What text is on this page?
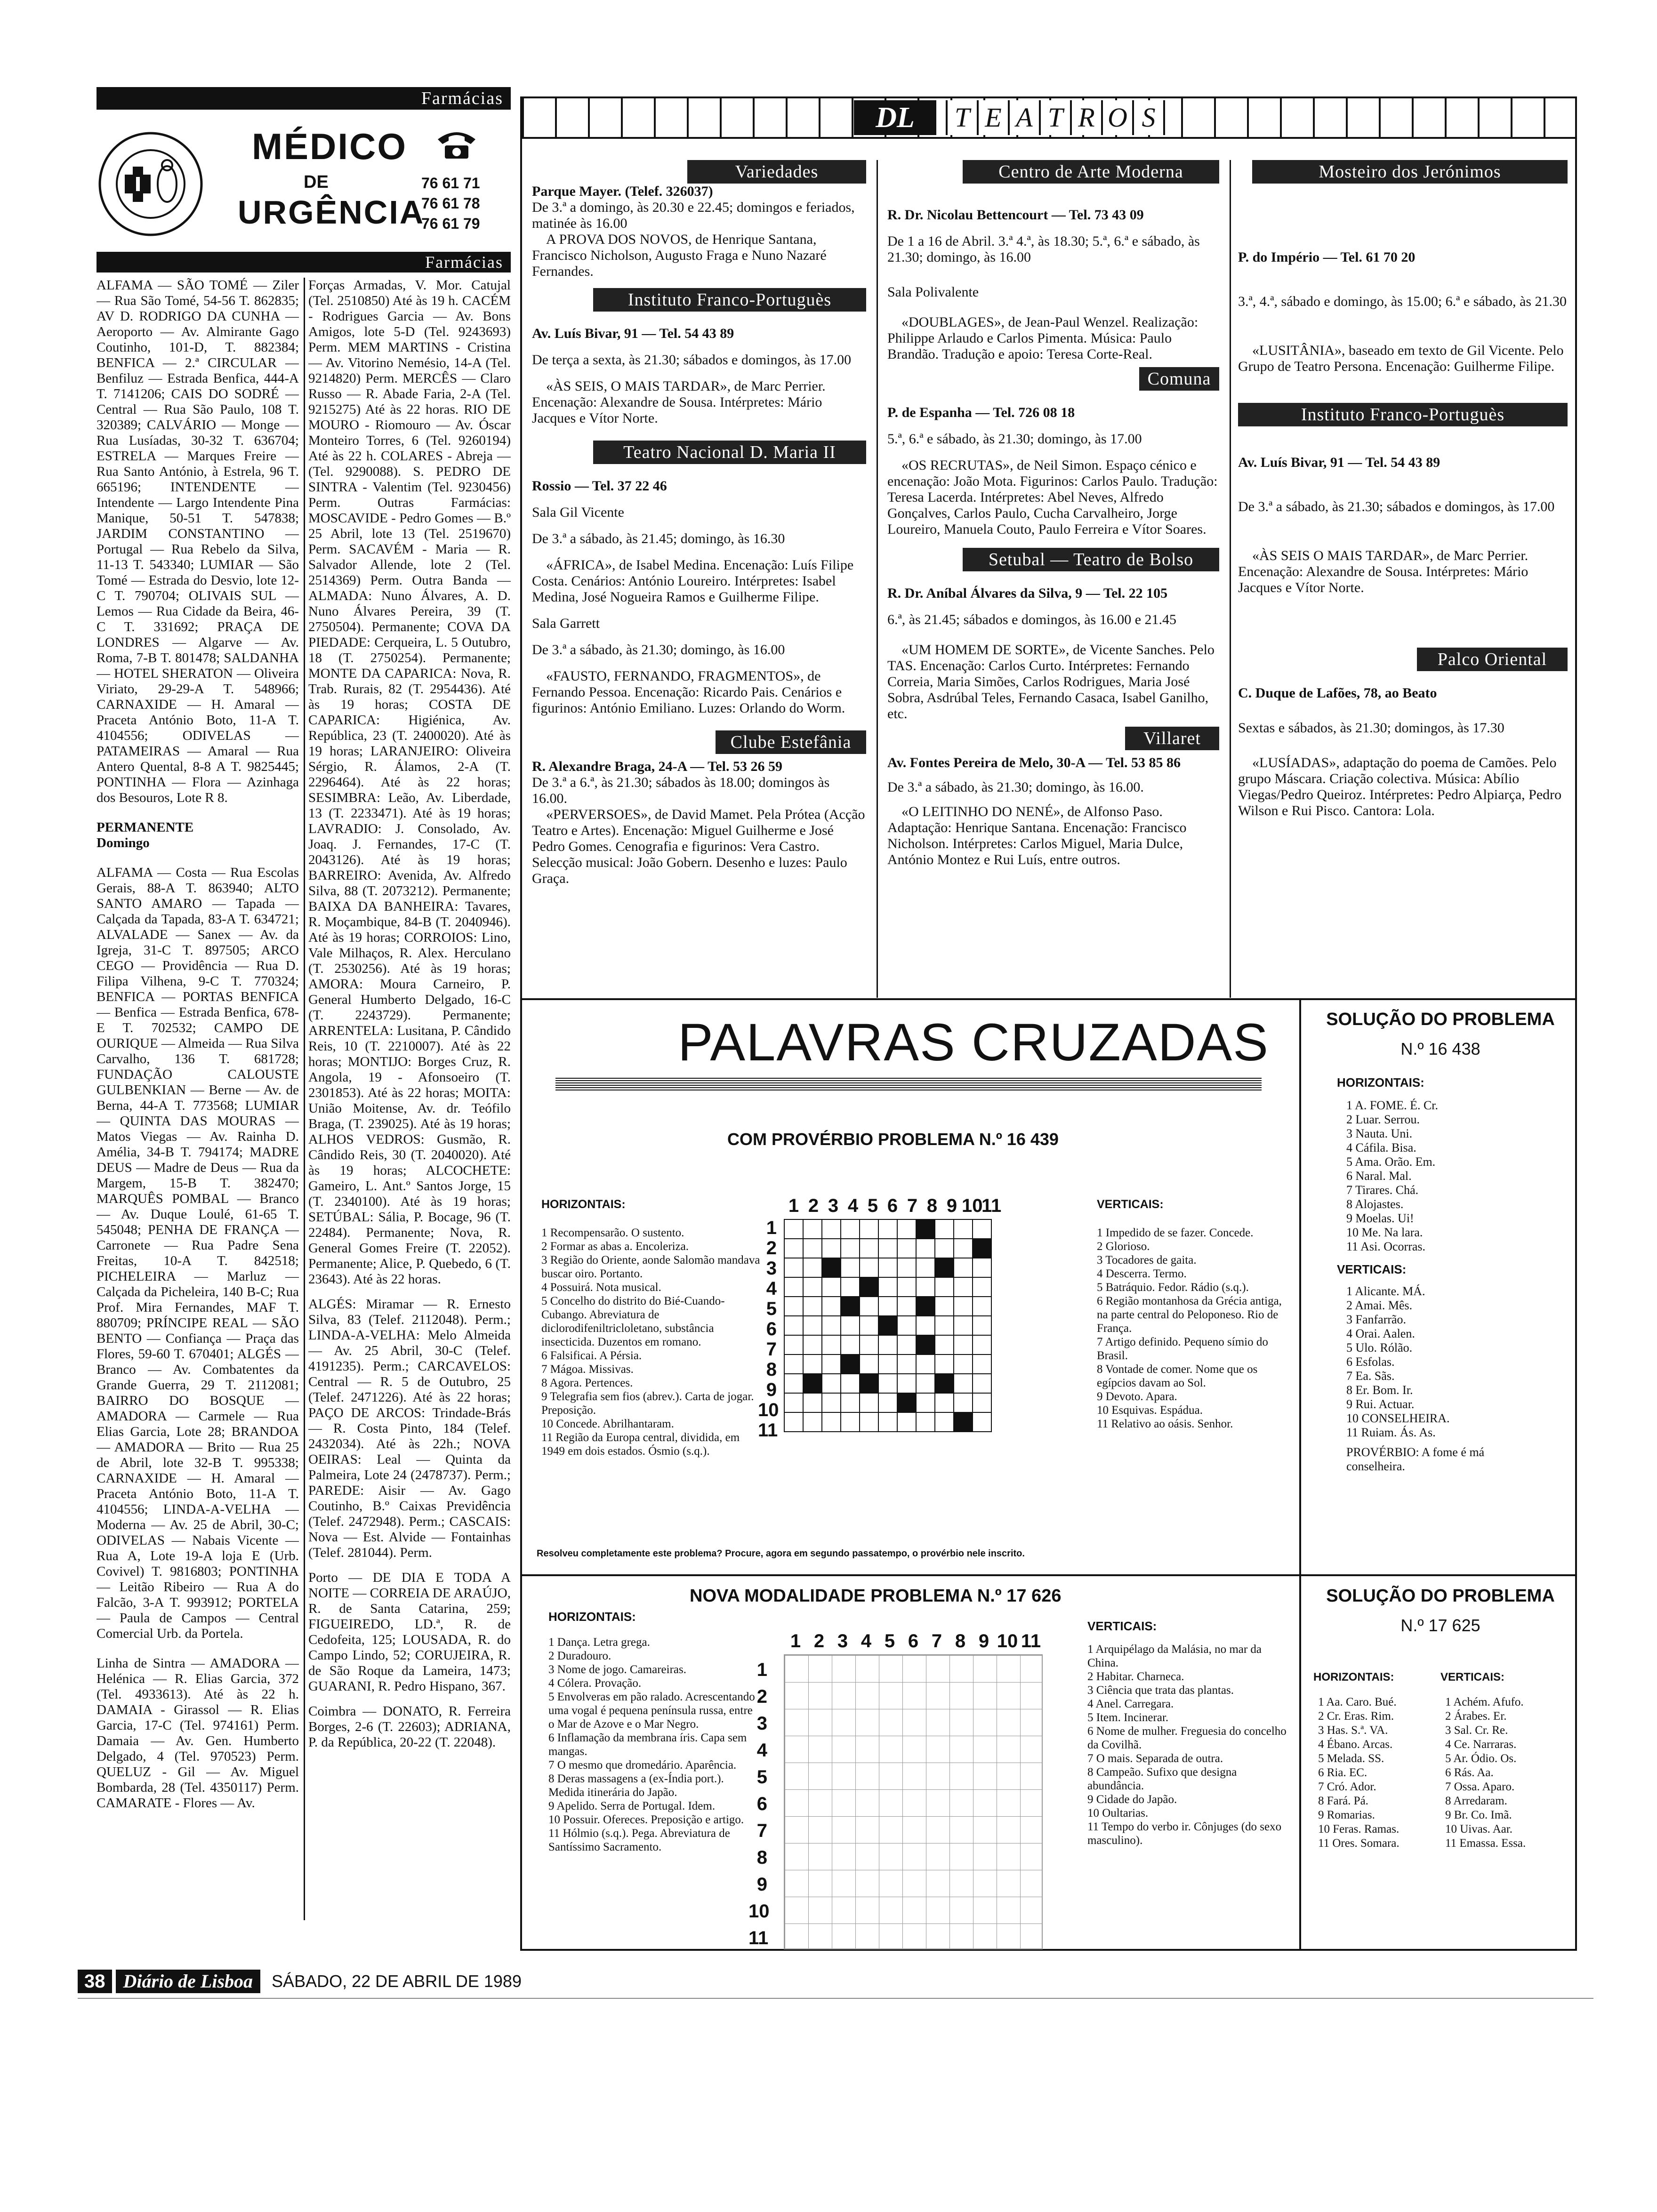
Farmácias
MÉDICO
DE
URGÊNCIA
76 61 71
76 61 78
76 61 79
Farmácias
ALFAMA — SÃO TOMÉ — Ziler — Rua São Tomé, 54-56 T. 862835; AV D. RODRIGO DA CUNHA — Aeroporto — Av. Almirante Gago Coutinho, 101-D, T. 882384; BENFICA — 2.ª CIRCULAR — Benfiluz — Estrada Benfica, 444-A T. 7141206; CAIS DO SODRÉ — Central — Rua São Paulo, 108 T. 320389; CALVÁRIO — Monge — Rua Lusíadas, 30-32 T. 636704; ESTRELA — Marques Freire — Rua Santo António, à Estrela, 96 T. 665196; INTENDENTE — Intendente — Largo Intendente Pina Manique, 50-51 T. 547838; JARDIM CONSTANTINO — Portugal — Rua Rebelo da Silva, 11-13 T. 543340; LUMIAR — São Tomé — Estrada do Desvio, lote 12-C T. 790704; OLIVAIS SUL — Lemos — Rua Cidade da Beira, 46-C T. 331692; PRAÇA DE LONDRES — Algarve — Av. Roma, 7-B T. 801478; SALDANHA — HOTEL SHERATON — Oliveira Viriato, 29-29-A T. 548966; CARNAXIDE — H. Amaral — Praceta António Boto, 11-A T. 4104556; ODIVELAS — PATAMEIRAS — Amaral — Rua Antero Quental, 8-8 A T. 9825445; PONTINHA — Flora — Azinhaga dos Besouros, Lote R 8.
PERMANENTE
Domingo
ALFAMA — Costa — Rua Escolas Gerais, 88-A T. 863940; ALTO SANTO AMARO — Tapada — Calçada da Tapada, 83-A T. 634721; ALVALADE — Sanex — Av. da Igreja, 31-C T. 897505; ARCO CEGO — Providência — Rua D. Filipa Vilhena, 9-C T. 770324; BENFICA — PORTAS BENFICA — Benfica — Estrada Benfica, 678-E T. 702532; CAMPO DE OURIQUE — Almeida — Rua Silva Carvalho, 136 T. 681728; FUNDAÇÃO CALOUSTE GULBENKIAN — Berne — Av. de Berna, 44-A T. 773568; LUMIAR — QUINTA DAS MOURAS — Matos Viegas — Av. Rainha D. Amélia, 34-B T. 794174; MADRE DEUS — Madre de Deus — Rua da Margem, 15-B T. 382470; MARQUÊS POMBAL — Branco — Av. Duque Loulé, 61-65 T. 545048; PENHA DE FRANÇA — Carronete — Rua Padre Sena Freitas, 10-A T. 842518; PICHELEIRA — Marluz — Calçada da Picheleira, 140 B-C; Rua Prof. Mira Fernandes, MAF T. 880709; PRÍNCIPE REAL — SÃO BENTO — Confiança — Praça das Flores, 59-60 T. 670401; ALGÉS — Branco — Av. Combatentes da Grande Guerra, 29 T. 2112081; BAIRRO DO BOSQUE — AMADORA — Carmele — Rua Elias Garcia, Lote 28; BRANDOA — AMADORA — Brito — Rua 25 de Abril, lote 32-B T. 995338; CARNAXIDE — H. Amaral — Praceta António Boto, 11-A T. 4104556; LINDA-A-VELHA — Moderna — Av. 25 de Abril, 30-C; ODIVELAS — Nabais Vicente — Rua A, Lote 19-A loja E (Urb. Covivel) T. 9816803; PONTINHA — Leitão Ribeiro — Rua A do Falcão, 3-A T. 993912; PORTELA — Paula de Campos — Central Comercial Urb. da Portela.
Linha de Sintra — AMADORA — Helénica — R. Elias Garcia, 372 (Tel. 4933613). Até às 22 h. DAMAIA - Girassol — R. Elias Garcia, 17-C (Tel. 974161) Perm. Damaia — Av. Gen. Humberto Delgado, 4 (Tel. 970523) Perm. QUELUZ - Gil — Av. Miguel Bombarda, 28 (Tel. 4350117) Perm. CAMARATE - Flores — Av.
Forças Armadas, V. Mor. Catujal (Tel. 2510850) Até às 19 h. CACÉM - Rodrigues Garcia — Av. Bons Amigos, lote 5-D (Tel. 9243693) Perm. MEM MARTINS - Cristina — Av. Vitorino Nemésio, 14-A (Tel. 9214820) Perm. MERCÊS — Claro Russo — R. Abade Faria, 2-A (Tel. 9215275) Até às 22 horas. RIO DE MOURO - Riomouro — Av. Óscar Monteiro Torres, 6 (Tel. 9260194) Até às 22 h. COLARES - Abreja — (Tel. 9290088). S. PEDRO DE SINTRA - Valentim (Tel. 9230456) Perm. Outras Farmácias: MOSCAVIDE - Pedro Gomes — B.º 25 Abril, lote 13 (Tel. 2519670) Perm. SACAVÉM - Maria — R. Salvador Allende, lote 2 (Tel. 2514369) Perm. Outra Banda — ALMADA: Nuno Álvares, A. D. Nuno Álvares Pereira, 39 (T. 2750504). Permanente; COVA DA PIEDADE: Cerqueira, L. 5 Outubro, 18 (T. 2750254). Permanente; MONTE DA CAPARICA: Nova, R. Trab. Rurais, 82 (T. 2954436). Até às 19 horas; COSTA DE CAPARICA: Higiénica, Av. República, 23 (T. 2400020). Até às 19 horas; LARANJEIRO: Oliveira Sérgio, R. Álamos, 2-A (T. 2296464). Até às 22 horas; SESIMBRA: Leão, Av. Liberdade, 13 (T. 2233471). Até às 19 horas; LAVRADIO: J. Consolado, Av. Joaq. J. Fernandes, 17-C (T. 2043126). Até às 19 horas; BARREIRO: Avenida, Av. Alfredo Silva, 88 (T. 2073212). Permanente; BAIXA DA BANHEIRA: Tavares, R. Moçambique, 84-B (T. 2040946). Até às 19 horas; CORROIOS: Lino, Vale Milhaços, R. Alex. Herculano (T. 2530256). Até às 19 horas; AMORA: Moura Carneiro, P. General Humberto Delgado, 16-C (T. 2243729). Permanente; ARRENTELA: Lusitana, P. Cândido Reis, 10 (T. 2210007). Até às 22 horas; MONTIJO: Borges Cruz, R. Angola, 19 - Afonsoeiro (T. 2301853). Até às 22 horas; MOITA: União Moitense, Av. dr. Teófilo Braga, (T. 239025). Até às 19 horas; ALHOS VEDROS: Gusmão, R. Cândido Reis, 30 (T. 2040020). Até às 19 horas; ALCOCHETE: Gameiro, L. Ant.º Santos Jorge, 15 (T. 2340100). Até às 19 horas; SETÚBAL: Sália, P. Bocage, 96 (T. 22484). Permanente; Nova, R. General Gomes Freire (T. 22052). Permanente; Alice, P. Quebedo, 6 (T. 23643). Até às 22 horas.
ALGÉS: Miramar — R. Ernesto Silva, 83 (Telef. 2112048). Perm.; LINDA-A-VELHA: Melo Almeida — Av. 25 Abril, 30-C (Telef. 4191235). Perm.; CARCAVELOS: Central — R. 5 de Outubro, 25 (Telef. 2471226). Até às 22 horas; PAÇO DE ARCOS: Trindade-Brás — R. Costa Pinto, 184 (Telef. 2432034). Até às 22h.; NOVA OEIRAS: Leal — Quinta da Palmeira, Lote 24 (2478737). Perm.; PAREDE: Aisir — Av. Gago Coutinho, B.º Caixas Previdência (Telef. 2472948). Perm.; CASCAIS: Nova — Est. Alvide — Fontainhas (Telef. 281044). Perm.
Porto — DE DIA E TODA A NOITE — CORREIA DE ARAÚJO, R. de Santa Catarina, 259; FIGUEIREDO, LD.ª, R. de Cedofeita, 125; LOUSADA, R. do Campo Lindo, 52; CORUJEIRA, R. de São Roque da Lameira, 1473; GUARANI, R. Pedro Hispano, 367.
Coimbra — DONATO, R. Ferreira Borges, 2-6 (T. 22603); ADRIANA, P. da República, 20-22 (T. 22048).
DL	T E A T R O S
Variedades
Parque Mayer. (Telef. 326037)
De 3.ª a domingo, às 20.30 e 22.45; domingos e feriados, matinée às 16.00
A PROVA DOS NOVOS, de Henrique Santana, Francisco Nicholson, Augusto Fraga e Nuno Nazaré Fernandes.
Instituto Franco-Portuguès
Av. Luís Bivar, 91 — Tel. 54 43 89
De terça a sexta, às 21.30; sábados e domingos, às 17.00
«ÀS SEIS, O MAIS TARDAR», de Marc Perrier. Encenação: Alexandre de Sousa. Intérpretes: Mário Jacques e Vítor Norte.
Teatro Nacional D. Maria II
Rossio — Tel. 37 22 46
Sala Gil Vicente
De 3.ª a sábado, às 21.45; domingo, às 16.30
«ÁFRICA», de Isabel Medina. Encenação: Luís Filipe Costa. Cenários: António Loureiro. Intérpretes: Isabel Medina, José Nogueira Ramos e Guilherme Filipe.
Sala Garrett
De 3.ª a sábado, às 21.30; domingo, às 16.00
«FAUSTO, FERNANDO, FRAGMENTOS», de Fernando Pessoa. Encenação: Ricardo Pais. Cenários e figurinos: António Emiliano. Luzes: Orlando do Worm.
Clube Estefânia
R. Alexandre Braga, 24-A — Tel. 53 26 59
De 3.ª a 6.ª, às 21.30; sábados às 18.00; domingos às 16.00.
«PERVERSOES», de David Mamet. Pela Prótea (Acção Teatro e Artes). Encenação: Miguel Guilherme e José Pedro Gomes. Cenografia e figurinos: Vera Castro. Selecção musical: João Gobern. Desenho e luzes: Paulo Graça.
Centro de Arte Moderna
R. Dr. Nicolau Bettencourt — Tel. 73 43 09
De 1 a 16 de Abril. 3.ª 4.ª, às 18.30; 5.ª, 6.ª e sábado, às 21.30; domingo, às 16.00
Sala Polivalente
«DOUBLAGES», de Jean-Paul Wenzel. Realização: Philippe Arlaudo e Carlos Pimenta. Música: Paulo Brandão. Tradução e apoio: Teresa Corte-Real.
Comuna
P. de Espanha — Tel. 726 08 18
5.ª, 6.ª e sábado, às 21.30; domingo, às 17.00
«OS RECRUTAS», de Neil Simon. Espaço cénico e encenação: João Mota. Figurinos: Carlos Paulo. Tradução: Teresa Lacerda. Intérpretes: Abel Neves, Alfredo Gonçalves, Carlos Paulo, Cucha Carvalheiro, Jorge Loureiro, Manuela Couto, Paulo Ferreira e Vítor Soares.
Setubal — Teatro de Bolso
R. Dr. Aníbal Álvares da Silva, 9 — Tel. 22 105
6.ª, às 21.45; sábados e domingos, às 16.00 e 21.45
«UM HOMEM DE SORTE», de Vicente Sanches. Pelo TAS. Encenação: Carlos Curto. Intérpretes: Fernando Correia, Maria Simões, Carlos Rodrigues, Maria José Sobra, Asdrúbal Teles, Fernando Casaca, Isabel Ganilho, etc.
Villaret
Av. Fontes Pereira de Melo, 30-A — Tel. 53 85 86
De 3.ª a sábado, às 21.30; domingo, às 16.00.
«O LEITINHO DO NENÉ», de Alfonso Paso. Adaptação: Henrique Santana. Encenação: Francisco Nicholson. Intérpretes: Carlos Miguel, Maria Dulce, António Montez e Rui Luís, entre outros.
Mosteiro dos Jerónimos
P. do Império — Tel. 61 70 20
3.ª, 4.ª, sábado e domingo, às 15.00; 6.ª e sábado, às 21.30
«LUSITÂNIA», baseado em texto de Gil Vicente. Pelo Grupo de Teatro Persona. Encenação: Guilherme Filipe.
Instituto Franco-Portuguès
Av. Luís Bivar, 91 — Tel. 54 43 89
De 3.ª a sábado, às 21.30; sábados e domingos, às 17.00
«ÀS SEIS O MAIS TARDAR», de Marc Perrier. Encenação: Alexandre de Sousa. Intérpretes: Mário Jacques e Vítor Norte.
Palco Oriental
C. Duque de Lafões, 78, ao Beato
Sextas e sábados, às 21.30; domingos, às 17.30
«LUSÍADAS», adaptação do poema de Camões. Pelo grupo Máscara. Criação colectiva. Música: Abílio Viegas/Pedro Queiroz. Intérpretes: Pedro Alpiarça, Pedro Wilson e Rui Pisco. Cantora: Lola.
PALAVRAS CRUZADAS
COM PROVÉRBIO PROBLEMA N.º 16 439
HORIZONTAIS:
1 Recompensarão. O sustento.
2 Formar as abas a. Encoleriza.
3 Região do Oriente, aonde Salomão mandava buscar oiro. Portanto.
4 Possuirá. Nota musical.
5 Concelho do distrito do Bié-Cuando-Cubango. Abreviatura de diclorodifeniltricloletano, substância insecticida. Duzentos em romano.
6 Falsificai. A Pérsia.
7 Mágoa. Missivas.
8 Agora. Pertences.
9 Telegrafia sem fios (abrev.). Carta de jogar. Preposição.
10 Concede. Abrilhantaram.
11 Região da Europa central, dividida, em 1949 em dois estados. Ósmio (s.q.).
1 2 3 4 5 6 7 8 9 10
11
1
2
3
4
5
6
7
8
9
10
11

VERTICAIS:
1 Impedido de se fazer. Concede.
2 Glorioso.
3 Tocadores de gaita.
4 Descerra. Termo.
5 Batráquio. Fedor. Rádio (s.q.).
6 Região montanhosa da Grécia antiga, na parte central do Peloponeso. Rio de França.
7 Artigo definido. Pequeno símio do Brasil.
8 Vontade de comer. Nome que os egípcios davam ao Sol.
9 Devoto. Apara.
10 Esquivas. Espádua.
11 Relativo ao oásis. Senhor.
Resolveu completamente este problema? Procure, agora em segundo passatempo, o provérbio nele inscrito.
SOLUÇÃO DO PROBLEMA
N.º 16 438
HORIZONTAIS:
1 A. FOME. É. Cr.
2 Luar. Serrou.
3 Nauta. Uni.
4 Cáfila. Bisa.
5 Ama. Orão. Em.
6 Naral. Mal.
7 Tirares. Chá.
8 Alojastes.
9 Moelas. Ui!
10 Me. Na lara.
11 Asi. Ocorras.
VERTICAIS:
1 Alicante. MÁ.
2 Amai. Mês.
3 Fanfarrão.
4 Orai. Aalen.
5 Ulo. Rólão.
6 Esfolas.
7 Ea. Sãs.
8 Er. Bom. Ir.
9 Rui. Actuar.
10 CONSELHEIRA.
11 Ruiam. Ás. As.
PROVÉRBIO: A fome é má conselheira.
NOVA MODALIDADE PROBLEMA N.º 17 626
HORIZONTAIS:
1 Dança. Letra grega.
2 Duradouro.
3 Nome de jogo. Camareiras.
4 Cólera. Provação.
5 Envolveras em pão ralado. Acrescentando uma vogal é pequena península russa, entre o Mar de Azove e o Mar Negro.
6 Inflamação da membrana íris. Capa sem mangas.
7 O mesmo que dromedário. Aparência.
8 Deras massagens a (ex-Índia port.). Medida itinerária do Japão.
9 Apelido. Serra de Portugal. Idem.
10 Possuir. Ofereces. Preposição e artigo.
11 Hólmio (s.q.). Pega. Abreviatura de Santíssimo Sacramento.
1 2 3 4 5 6 7 8 9 10 11
1
2
3
4
5
6
7
8
9
10
11
VERTICAIS:
1 Arquipélago da Malásia, no mar da China.
2 Habitar. Charneca.
3 Ciência que trata das plantas.
4 Anel. Carregara.
5 Item. Incinerar.
6 Nome de mulher. Freguesia do concelho da Covilhã.
7 O mais. Separada de outra.
8 Campeão. Sufixo que designa abundância.
9 Cidade do Japão.
10 Oultarias.
11 Tempo do verbo ir. Cônjuges (do sexo masculino).
SOLUÇÃO DO PROBLEMA
N.º 17 625
HORIZONTAIS:
1 Aa. Caro. Bué.
2 Cr. Eras. Rim.
3 Has. S.ª. VA.
4 Ébano. Arcas.
5 Melada. SS.
6 Ria. EC.
7 Cró. Ador.
8 Fará. Pá.
9 Romarias.
10 Feras. Ramas.
11 Ores. Somara.
VERTICAIS:
1 Achém. Afufo.
2 Árabes. Er.
3 Sal. Cr. Re.
4 Ce. Narraras.
5 Ar. Ódio. Os.
6 Rás. Aa.
7 Ossa. Aparo.
8 Arredaram.
9 Br. Co. Imã.
10 Uivas. Aar.
11 Emassa. Essa.
38 Diário de Lisboa	SÁBADO, 22 DE ABRIL DE 1989
